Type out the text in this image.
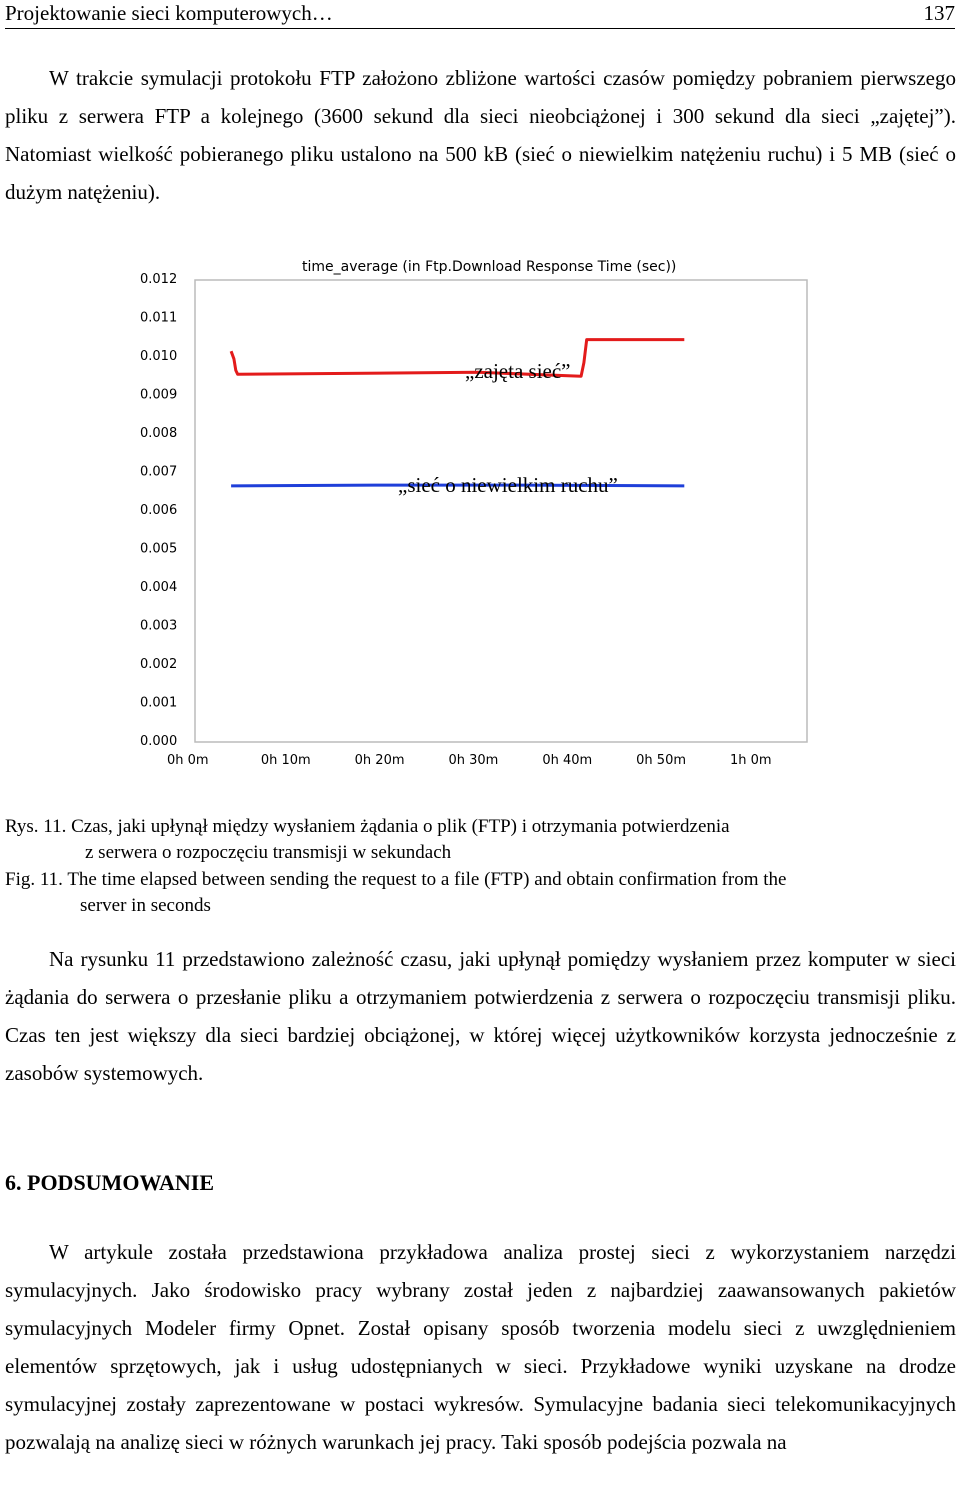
Projektowanie sieci komputerowych…	137

W trakcie symulacji protokołu FTP założono zbliżone wartości czasów pomiędzy pobraniem pierwszego pliku z serwera FTP a kolejnego (3600 sekund dla sieci nieobciążonej i 300 sekund dla sieci „zajętej”). Natomiast wielkość pobieranego pliku ustalono na 500 kB (sieć o niewielkim natężeniu ruchu) i 5 MB (sieć o dużym natężeniu).

time_average (in Ftp.Download Response Time (sec))
0.000
0.001
0.002
0.003
0.004
0.005
0.006
0.007
0.008
0.009
0.010
0.011
0.012
0h 0m	0h 10m	0h 20m	0h 30m	0h 40m	0h 50m	1h 0m
„zajęta sieć”
„sieć o niewielkim ruchu”

Rys. 11. Czas, jaki upłynął między wysłaniem żądania o plik (FTP) i otrzymania potwierdzenia
z serwera o rozpoczęciu transmisji w sekundach

Fig. 11. The time elapsed between sending the request to a file (FTP) and obtain confirmation from the
server in seconds

Na rysunku 11 przedstawiono zależność czasu, jaki upłynął pomiędzy wysłaniem przez komputer w sieci żądania do serwera o przesłanie pliku a otrzymaniem potwierdzenia z serwera o rozpoczęciu transmisji pliku. Czas ten jest większy dla sieci bardziej obciążonej, w której więcej użytkowników korzysta jednocześnie z zasobów systemowych.

6. PODSUMOWANIE

W artykule została przedstawiona przykładowa analiza prostej sieci z wykorzystaniem narzędzi symulacyjnych. Jako środowisko pracy wybrany został jeden z najbardziej zaawansowanych pakietów symulacyjnych Modeler firmy Opnet. Został opisany sposób tworzenia modelu sieci z uwzględnieniem elementów sprzętowych, jak i usług udostępnianych w sieci. Przykładowe wyniki uzyskane na drodze symulacyjnej zostały zaprezentowane w postaci wykresów. Symulacyjne badania sieci telekomunikacyjnych pozwalają na analizę sieci w różnych warunkach jej pracy. Taki sposób podejścia pozwala na
